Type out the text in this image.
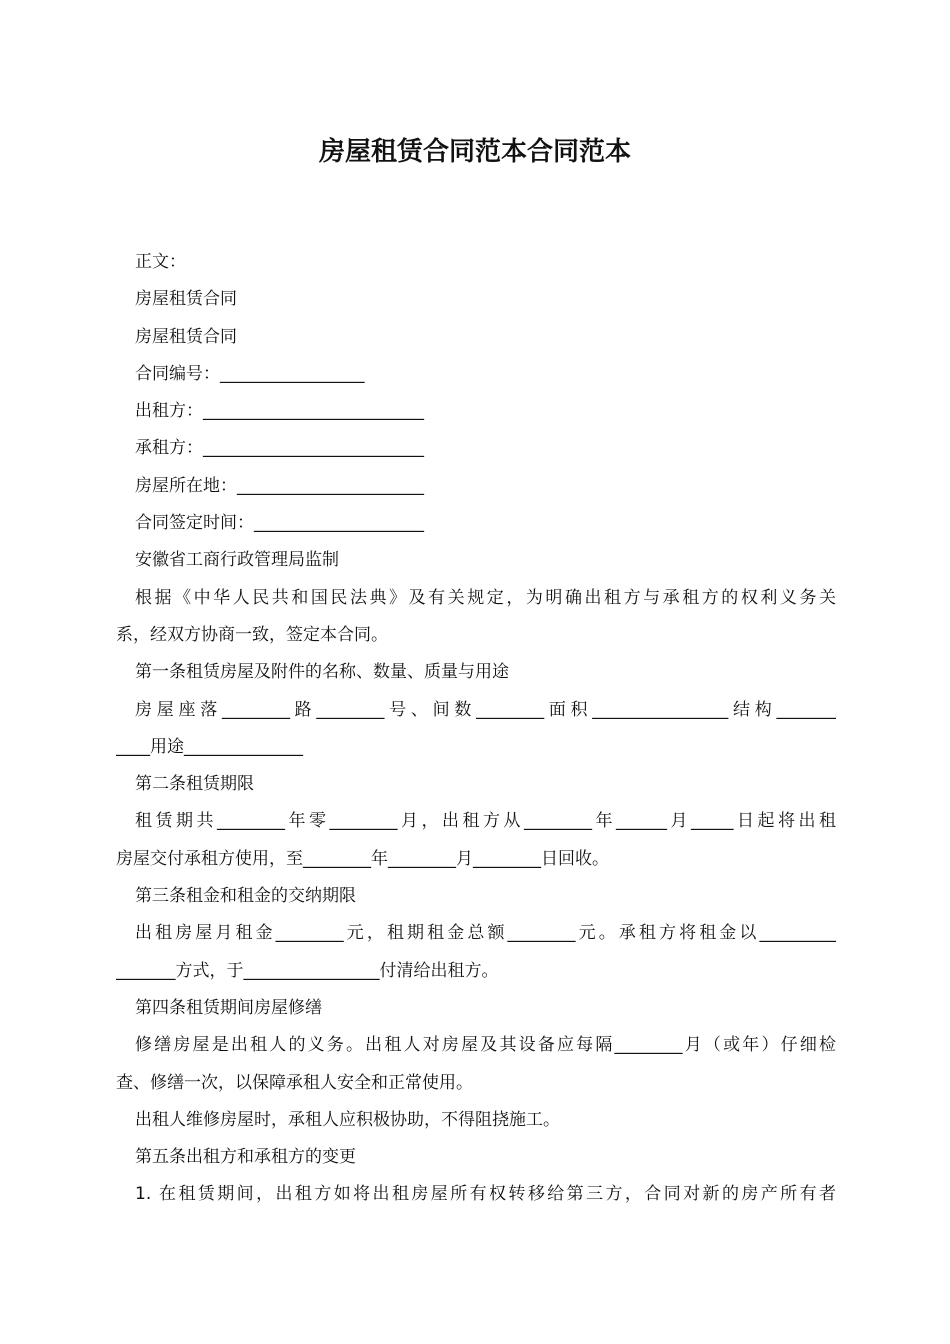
房屋租赁合同范本合同范本
正文：
房屋租赁合同
房屋租赁合同
合同编号：_________________
出租方：__________________________
承租方：__________________________
房屋所在地：______________________
合同签定时间：____________________
安徽省工商行政管理局监制
根据《中华人民共和国民法典》及有关规定，为明确出租方与承租方的权利义务关
系，经双方协商一致，签定本合同。
第一条租赁房屋及附件的名称、数量、质量与用途
房屋座落________路________号、间数________面积________________结构_______
____用途______________
第二条租赁期限
租赁期共________年零________月，出租方从________年______月_____日起将出租
房屋交付承租方使用，至________年________月________日回收。
第三条租金和租金的交纳期限
出租房屋月租金________元，租期租金总额________元。承租方将租金以_________
_______方式，于________________付清给出租方。
第四条租赁期间房屋修缮
修缮房屋是出租人的义务。出租人对房屋及其设备应每隔________月（或年）仔细检
查、修缮一次，以保障承租人安全和正常使用。
出租人维修房屋时，承租人应积极协助，不得阻挠施工。
第五条出租方和承租方的变更
1. 在租赁期间，出租方如将出租房屋所有权转移给第三方，合同对新的房产所有者
